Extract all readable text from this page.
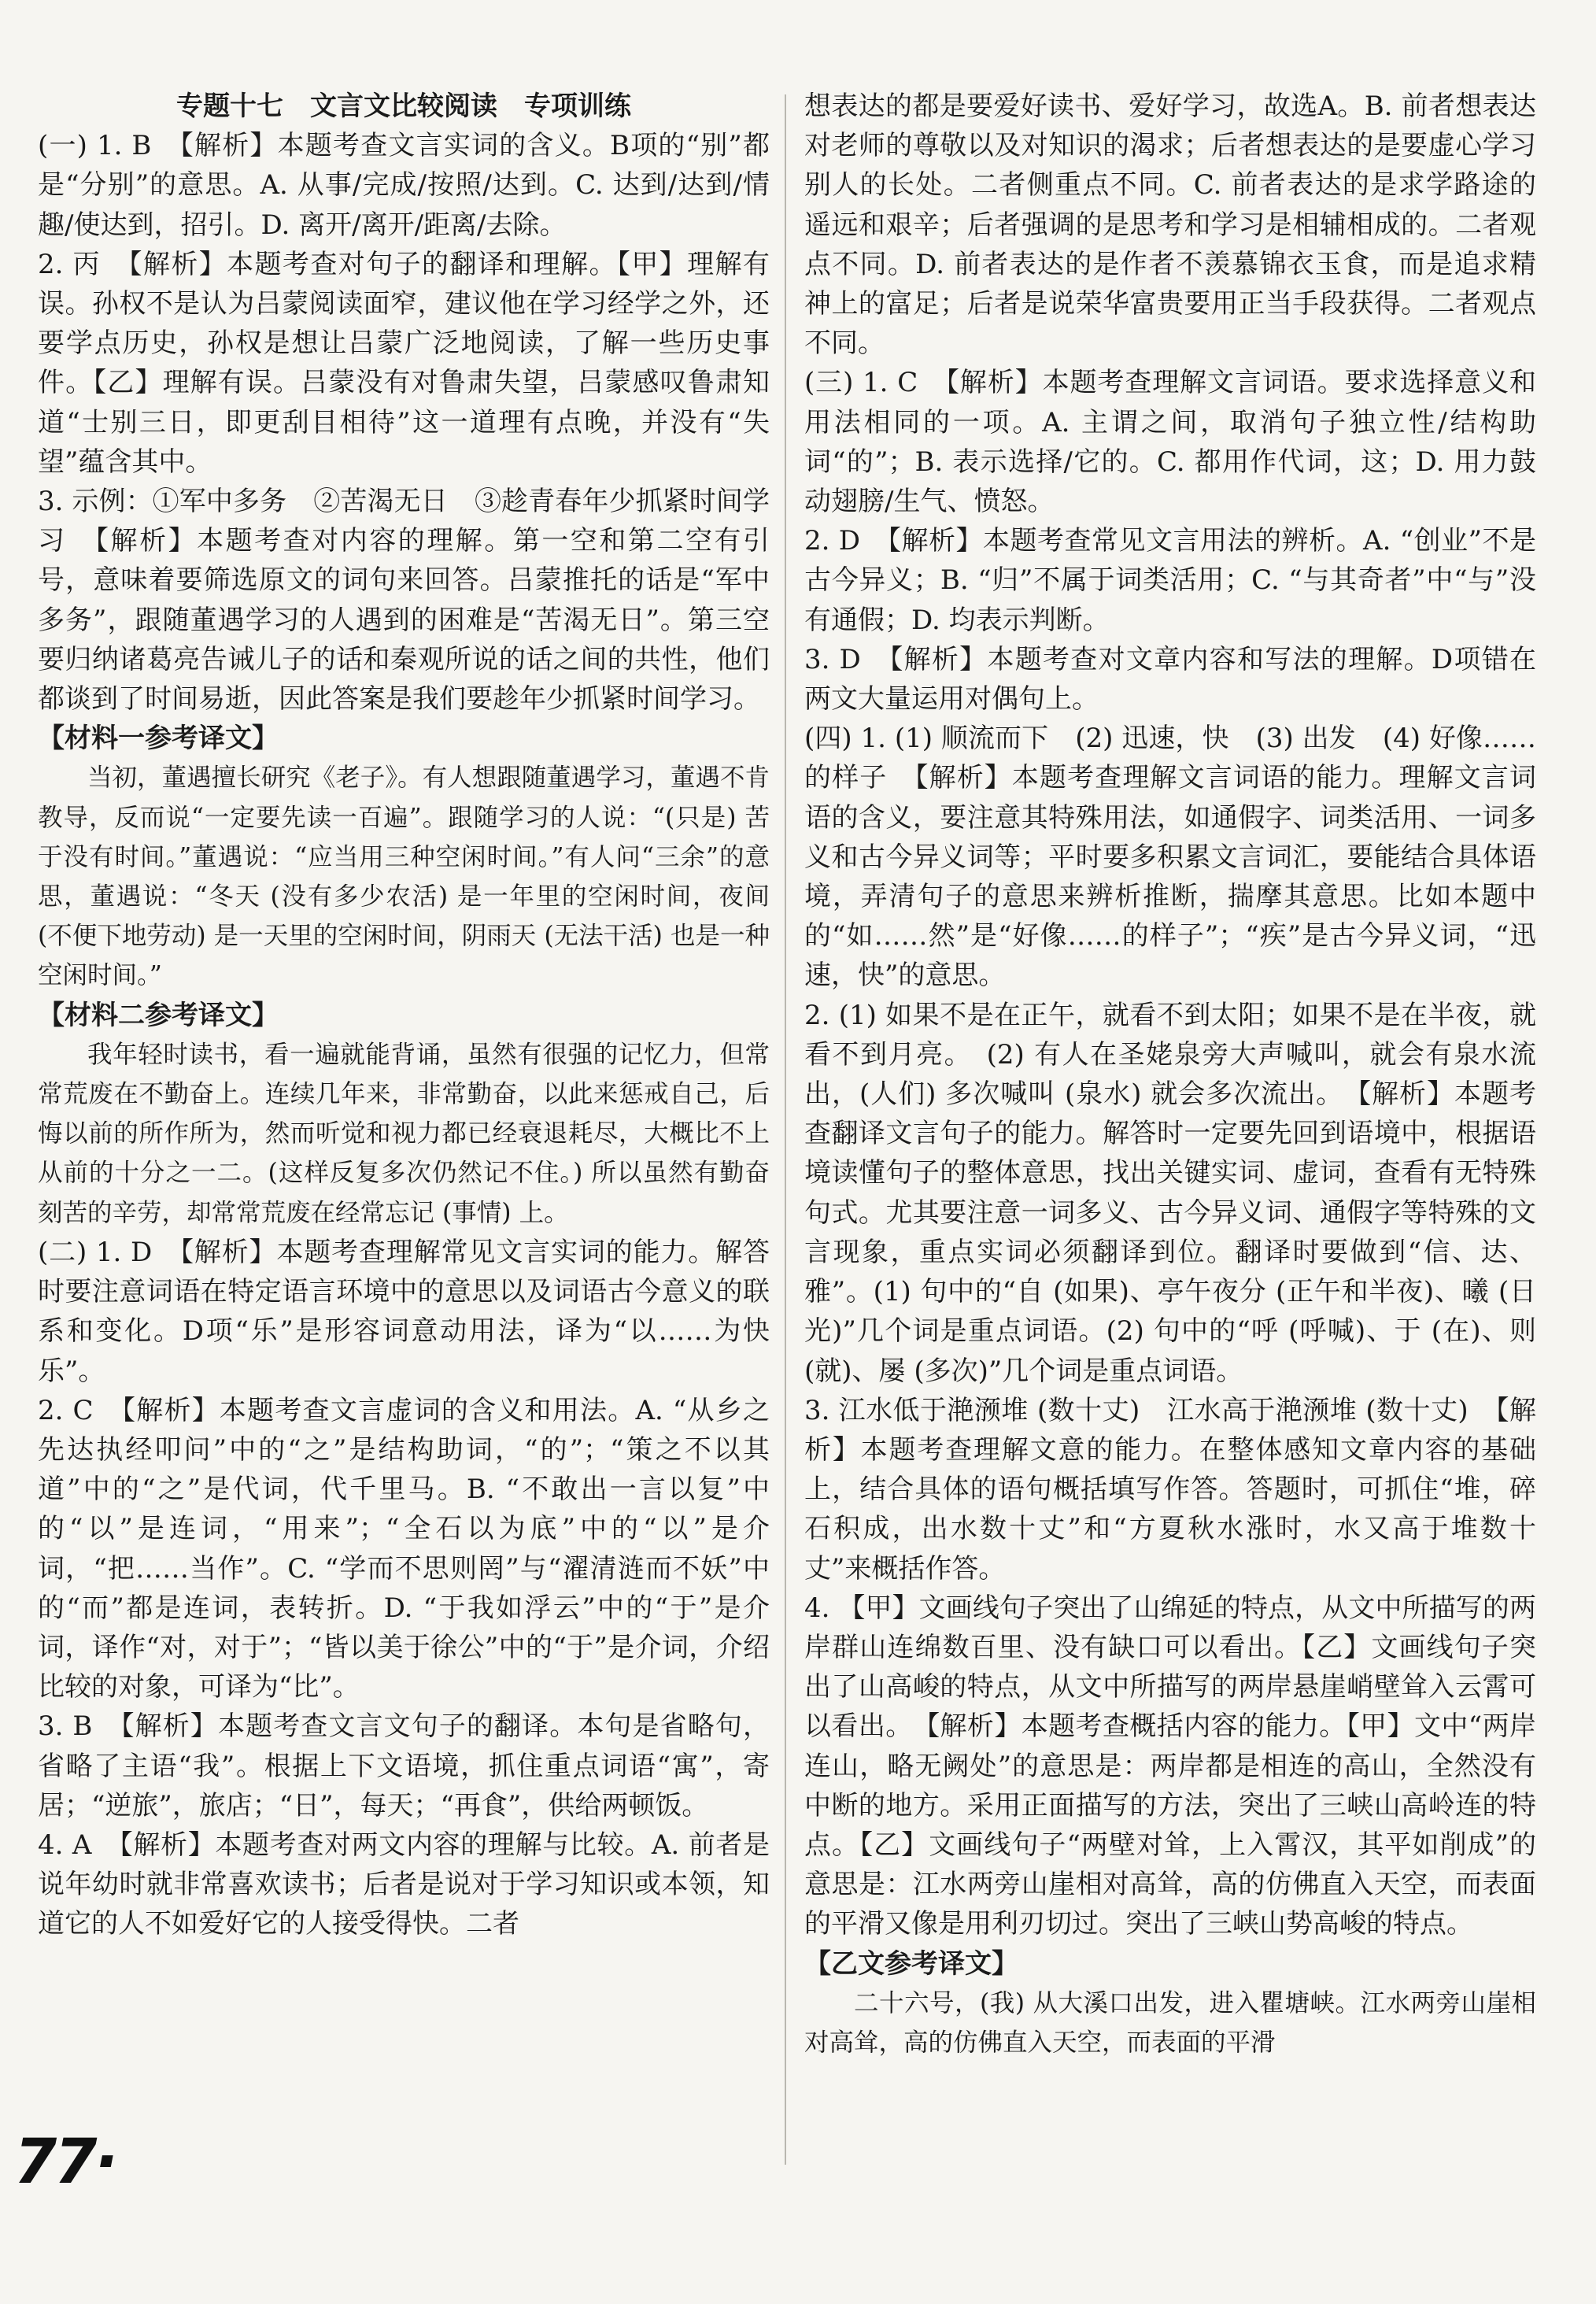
专题十七　文言文比较阅读　专项训练

(一) 1. B　【解析】本题考查文言实词的含义。B项的“别”都是“分别”的意思。A. 从事/完成/按照/达到。C. 达到/达到/情趣/使达到，招引。D. 离开/离开/距离/去除。

2. 丙　【解析】本题考查对句子的翻译和理解。【甲】理解有误。孙权不是认为吕蒙阅读面窄，建议他在学习经学之外，还要学点历史，孙权是想让吕蒙广泛地阅读，了解一些历史事件。【乙】理解有误。吕蒙没有对鲁肃失望，吕蒙感叹鲁肃知道“士别三日，即更刮目相待”这一道理有点晚，并没有“失望”蕴含其中。

3. 示例：①军中多务　②苦渴无日　③趁青春年少抓紧时间学习　【解析】本题考查对内容的理解。第一空和第二空有引号，意味着要筛选原文的词句来回答。吕蒙推托的话是“军中多务”，跟随董遇学习的人遇到的困难是“苦渴无日”。第三空要归纳诸葛亮告诫儿子的话和秦观所说的话之间的共性，他们都谈到了时间易逝，因此答案是我们要趁年少抓紧时间学习。

【材料一参考译文】

当初，董遇擅长研究《老子》。有人想跟随董遇学习，董遇不肯教导，反而说“一定要先读一百遍”。跟随学习的人说：“(只是) 苦于没有时间。”董遇说：“应当用三种空闲时间。”有人问“三余”的意思，董遇说：“冬天 (没有多少农活) 是一年里的空闲时间，夜间 (不便下地劳动) 是一天里的空闲时间，阴雨天 (无法干活) 也是一种空闲时间。”

【材料二参考译文】

我年轻时读书，看一遍就能背诵，虽然有很强的记忆力，但常常荒废在不勤奋上。连续几年来，非常勤奋，以此来惩戒自己，后悔以前的所作所为，然而听觉和视力都已经衰退耗尽，大概比不上从前的十分之一二。(这样反复多次仍然记不住。) 所以虽然有勤奋刻苦的辛劳，却常常荒废在经常忘记 (事情) 上。

(二) 1. D　【解析】本题考查理解常见文言实词的能力。解答时要注意词语在特定语言环境中的意思以及词语古今意义的联系和变化。D项“乐”是形容词意动用法，译为“以……为快乐”。

2. C　【解析】本题考查文言虚词的含义和用法。A. “从乡之先达执经叩问”中的“之”是结构助词，“的”；“策之不以其道”中的“之”是代词，代千里马。B. “不敢出一言以复”中的“以”是连词，“用来”；“全石以为底”中的“以”是介词，“把……当作”。C. “学而不思则罔”与“濯清涟而不妖”中的“而”都是连词，表转折。D. “于我如浮云”中的“于”是介词，译作“对，对于”；“皆以美于徐公”中的“于”是介词，介绍比较的对象，可译为“比”。

3. B　【解析】本题考查文言文句子的翻译。本句是省略句，省略了主语“我”。根据上下文语境，抓住重点词语“寓”，寄居；“逆旅”，旅店；“日”，每天；“再食”，供给两顿饭。

4. A　【解析】本题考查对两文内容的理解与比较。A. 前者是说年幼时就非常喜欢读书；后者是说对于学习知识或本领，知道它的人不如爱好它的人接受得快。二者

想表达的都是要爱好读书、爱好学习，故选A。B. 前者想表达对老师的尊敬以及对知识的渴求；后者想表达的是要虚心学习别人的长处。二者侧重点不同。C. 前者表达的是求学路途的遥远和艰辛；后者强调的是思考和学习是相辅相成的。二者观点不同。D. 前者表达的是作者不羡慕锦衣玉食，而是追求精神上的富足；后者是说荣华富贵要用正当手段获得。二者观点不同。

(三) 1. C　【解析】本题考查理解文言词语。要求选择意义和用法相同的一项。A. 主谓之间，取消句子独立性/结构助词“的”；B. 表示选择/它的。C. 都用作代词，这；D. 用力鼓动翅膀/生气、愤怒。

2. D　【解析】本题考查常见文言用法的辨析。A. “创业”不是古今异义；B. “归”不属于词类活用；C. “与其奇者”中“与”没有通假；D. 均表示判断。

3. D　【解析】本题考查对文章内容和写法的理解。D项错在两文大量运用对偶句上。

(四) 1. (1) 顺流而下　(2) 迅速，快　(3) 出发　(4) 好像……的样子　【解析】本题考查理解文言词语的能力。理解文言词语的含义，要注意其特殊用法，如通假字、词类活用、一词多义和古今异义词等；平时要多积累文言词汇，要能结合具体语境，弄清句子的意思来辨析推断，揣摩其意思。比如本题中的“如……然”是“好像……的样子”；“疾”是古今异义词，“迅速，快”的意思。

2. (1) 如果不是在正午，就看不到太阳；如果不是在半夜，就看不到月亮。　(2) 有人在圣姥泉旁大声喊叫，就会有泉水流出，(人们) 多次喊叫 (泉水) 就会多次流出。　【解析】本题考查翻译文言句子的能力。解答时一定要先回到语境中，根据语境读懂句子的整体意思，找出关键实词、虚词，查看有无特殊句式。尤其要注意一词多义、古今异义词、通假字等特殊的文言现象，重点实词必须翻译到位。翻译时要做到“信、达、雅”。(1) 句中的“自 (如果)、亭午夜分 (正午和半夜)、曦 (日光)”几个词是重点词语。(2) 句中的“呼 (呼喊)、于 (在)、则 (就)、屡 (多次)”几个词是重点词语。

3. 江水低于滟滪堆 (数十丈)　江水高于滟滪堆 (数十丈)　【解析】本题考查理解文意的能力。在整体感知文章内容的基础上，结合具体的语句概括填写作答。答题时，可抓住“堆，碎石积成，出水数十丈”和“方夏秋水涨时，水又高于堆数十丈”来概括作答。

4. 【甲】文画线句子突出了山绵延的特点，从文中所描写的两岸群山连绵数百里、没有缺口可以看出。【乙】文画线句子突出了山高峻的特点，从文中所描写的两岸悬崖峭壁耸入云霄可以看出。　【解析】本题考查概括内容的能力。【甲】文中“两岸连山，略无阙处”的意思是：两岸都是相连的高山，全然没有中断的地方。采用正面描写的方法，突出了三峡山高岭连的特点。【乙】文画线句子“两壁对耸，上入霄汉，其平如削成”的意思是：江水两旁山崖相对高耸，高的仿佛直入天空，而表面的平滑又像是用利刃切过。突出了三峡山势高峻的特点。

【乙文参考译文】

二十六号，(我) 从大溪口出发，进入瞿塘峡。江水两旁山崖相对高耸，高的仿佛直入天空，而表面的平滑

77·
